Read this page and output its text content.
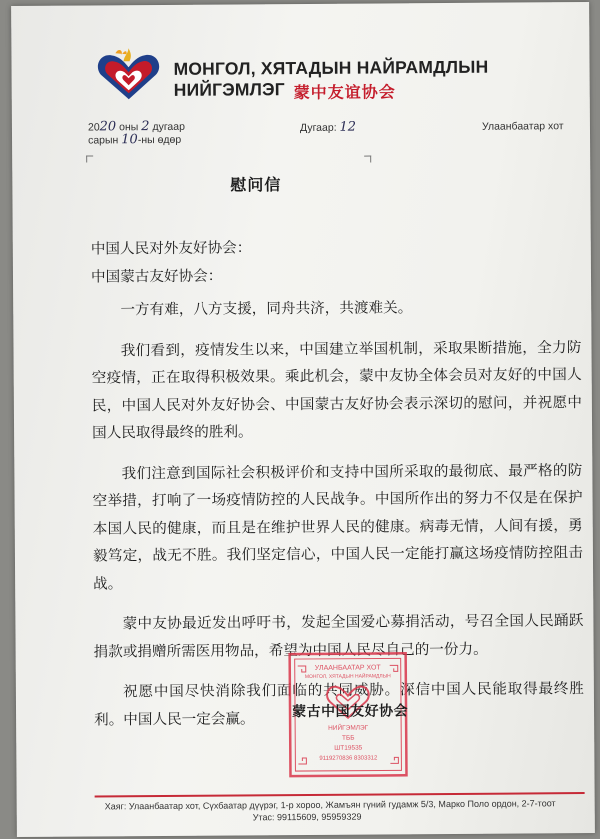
МОНГОЛ, ХЯТАДЫН НАЙРАМДЛЫН НИЙГЭМЛЭГ 蒙中友谊协会
2020 оны 2 дугаар
сарын 10-ны өдөр
Дугаар: 12	Улаанбаатар хот
慰问信

中国人民对外友好协会：

中国蒙古友好协会：

一方有难，八方支援，同舟共济，共渡难关。

我们看到，疫情发生以来，中国建立举国机制，采取果断措施，全力防空疫情，正在取得积极效果。乘此机会，蒙中友协全体会员对友好的中国人民，中国人民对外友好协会、中国蒙古友好协会表示深切的慰问，并祝愿中国人民取得最终的胜利。

我们注意到国际社会积极评价和支持中国所采取的最彻底、最严格的防空举措，打响了一场疫情防控的人民战争。中国所作出的努力不仅是在保护本国人民的健康，而且是在维护世界人民的健康。病毒无情，人间有援，勇毅笃定，战无不胜。我们坚定信心，中国人民一定能打赢这场疫情防控阻击战。

蒙中友协最近发出呼吁书，发起全国爱心募捐活动，号召全国人民踊跃捐款或捐赠所需医用物品，希望为中国人民尽自己的一份力。

祝愿中国尽快消除我们面临的共同威胁。深信中国人民能取得最终胜利。中国人民一定会赢。

УЛААНБААТАР ХОТ
МОНГОЛ, ХЯТАДЫН НАЙРАМДЛЫН
НИЙГЭМЛЭГ
ТББ
ШТ19535
9119270836 8303312
蒙古中国友好协会
Хаяг: Улаанбаатар хот, Сүхбаатар дүүрэг, 1-р хороо, Жамъян гүний гудамж 5/3, Марко Поло ордон, 2-7-тоот
Утас: 99115609, 95959329
